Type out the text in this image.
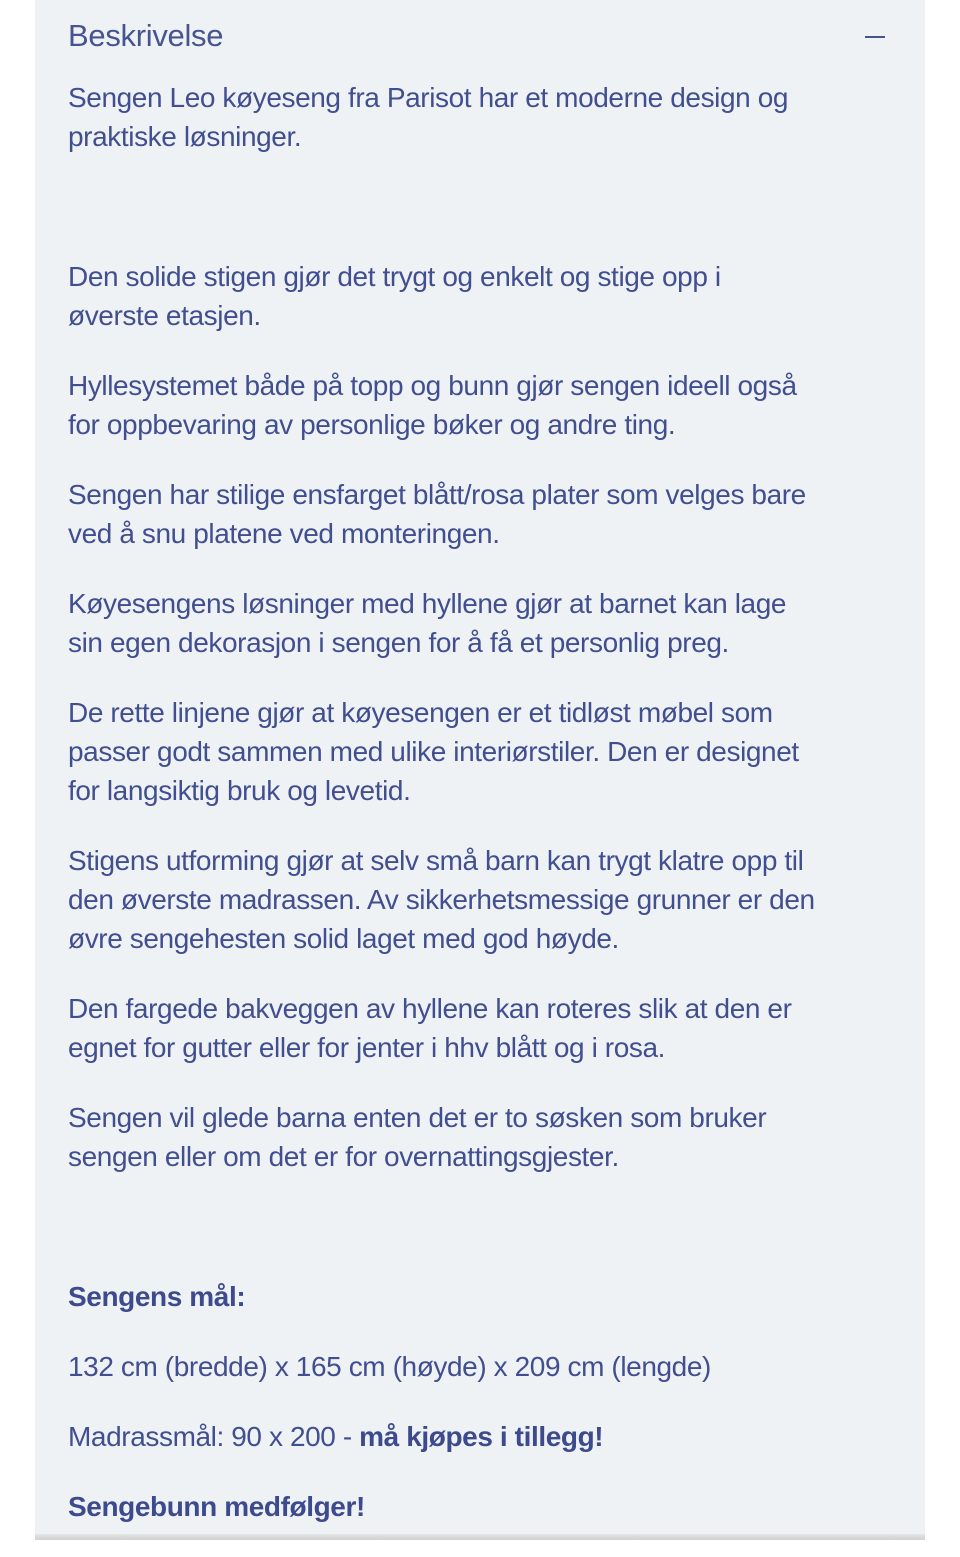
Beskrivelse
Sengen Leo køyeseng fra Parisot har et moderne design og
praktiske løsninger.
Den solide stigen gjør det trygt og enkelt og stige opp i
øverste etasjen.
Hyllesystemet både på topp og bunn gjør sengen ideell også
for oppbevaring av personlige bøker og andre ting.
Sengen har stilige ensfarget blått/rosa plater som velges bare
ved å snu platene ved monteringen.
Køyesengens løsninger med hyllene gjør at barnet kan lage
sin egen dekorasjon i sengen for å få et personlig preg.
De rette linjene gjør at køyesengen er et tidløst møbel som
passer godt sammen med ulike interiørstiler. Den er designet
for langsiktig bruk og levetid.
Stigens utforming gjør at selv små barn kan trygt klatre opp til
den øverste madrassen. Av sikkerhetsmessige grunner er den
øvre sengehesten solid laget med god høyde.
Den fargede bakveggen av hyllene kan roteres slik at den er
egnet for gutter eller for jenter i hhv blått og i rosa.
Sengen vil glede barna enten det er to søsken som bruker
sengen eller om det er for overnattingsgjester.
Sengens mål:
132 cm (bredde) x 165 cm (høyde) x 209 cm (lengde)
Madrassmål: 90 x 200 - må kjøpes i tillegg!
Sengebunn medfølger!
